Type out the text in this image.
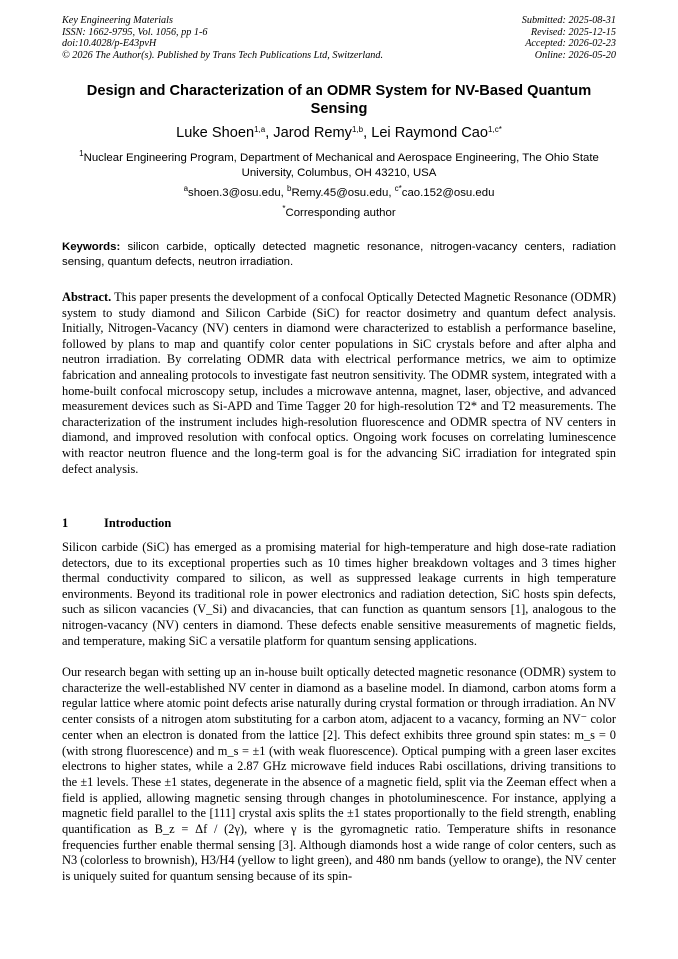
Key Engineering Materials
ISSN: 1662-9795, Vol. 1056, pp 1-6
doi:10.4028/p-E43pvH
© 2026 The Author(s). Published by Trans Tech Publications Ltd, Switzerland.
Submitted: 2025-08-31
Revised: 2025-12-15
Accepted: 2026-02-23
Online: 2026-05-20
Design and Characterization of an ODMR System for NV-Based Quantum Sensing
Luke Shoen$^{1,a}$, Jarod Remy$^{1,b}$, Lei Raymond Cao$^{1,c*}$
$^1$Nuclear Engineering Program, Department of Mechanical and Aerospace Engineering, The Ohio State University, Columbus, OH 43210, USA
$^a$shoen.3@osu.edu, $^b$Remy.45@osu.edu, $^{c*}$cao.152@osu.edu
*Corresponding author
Keywords: silicon carbide, optically detected magnetic resonance, nitrogen-vacancy centers, radiation sensing, quantum defects, neutron irradiation.
Abstract. This paper presents the development of a confocal Optically Detected Magnetic Resonance (ODMR) system to study diamond and Silicon Carbide (SiC) for reactor dosimetry and quantum defect analysis. Initially, Nitrogen-Vacancy (NV) centers in diamond were characterized to establish a performance baseline, followed by plans to map and quantify color center populations in SiC crystals before and after alpha and neutron irradiation. By correlating ODMR data with electrical performance metrics, we aim to optimize fabrication and annealing protocols to investigate fast neutron sensitivity. The ODMR system, integrated with a home-built confocal microscopy setup, includes a microwave antenna, magnet, laser, objective, and advanced measurement devices such as Si-APD and Time Tagger 20 for high-resolution T2* and T2 measurements. The characterization of the instrument includes high-resolution fluorescence and ODMR spectra of NV centers in diamond, and improved resolution with confocal optics. Ongoing work focuses on correlating luminescence with reactor neutron fluence and the long-term goal is for the advancing SiC irradiation for integrated spin defect analysis.
1	Introduction

Silicon carbide (SiC) has emerged as a promising material for high-temperature and high dose-rate radiation detectors, due to its exceptional properties such as 10 times higher breakdown voltages and 3 times higher thermal conductivity compared to silicon, as well as suppressed leakage currents in high temperature environments. Beyond its traditional role in power electronics and radiation detection, SiC hosts spin defects, such as silicon vacancies (V_Si) and divacancies, that can function as quantum sensors [1], analogous to the nitrogen-vacancy (NV) centers in diamond. These defects enable sensitive measurements of magnetic fields, and temperature, making SiC a versatile platform for quantum sensing applications.

Our research began with setting up an in-house built optically detected magnetic resonance (ODMR) system to characterize the well-established NV center in diamond as a baseline model. In diamond, carbon atoms form a regular lattice where atomic point defects arise naturally during crystal formation or through irradiation. An NV center consists of a nitrogen atom substituting for a carbon atom, adjacent to a vacancy, forming an NV⁻ color center when an electron is donated from the lattice [2]. This defect exhibits three ground spin states: m_s = 0 (with strong fluorescence) and m_s = ±1 (with weak fluorescence). Optical pumping with a green laser excites electrons to higher states, while a 2.87 GHz microwave field induces Rabi oscillations, driving transitions to the ±1 levels. These ±1 states, degenerate in the absence of a magnetic field, split via the Zeeman effect when a field is applied, allowing magnetic sensing through changes in photoluminescence. For instance, applying a magnetic field parallel to the [111] crystal axis splits the ±1 states proportionally to the field strength, enabling quantification as B_z = Δf / (2γ), where γ is the gyromagnetic ratio. Temperature shifts in resonance frequencies further enable thermal sensing [3]. Although diamonds host a wide range of color centers, such as N3 (colorless to brownish), H3/H4 (yellow to light green), and 480 nm bands (yellow to orange), the NV center is uniquely suited for quantum sensing because of its spin-
